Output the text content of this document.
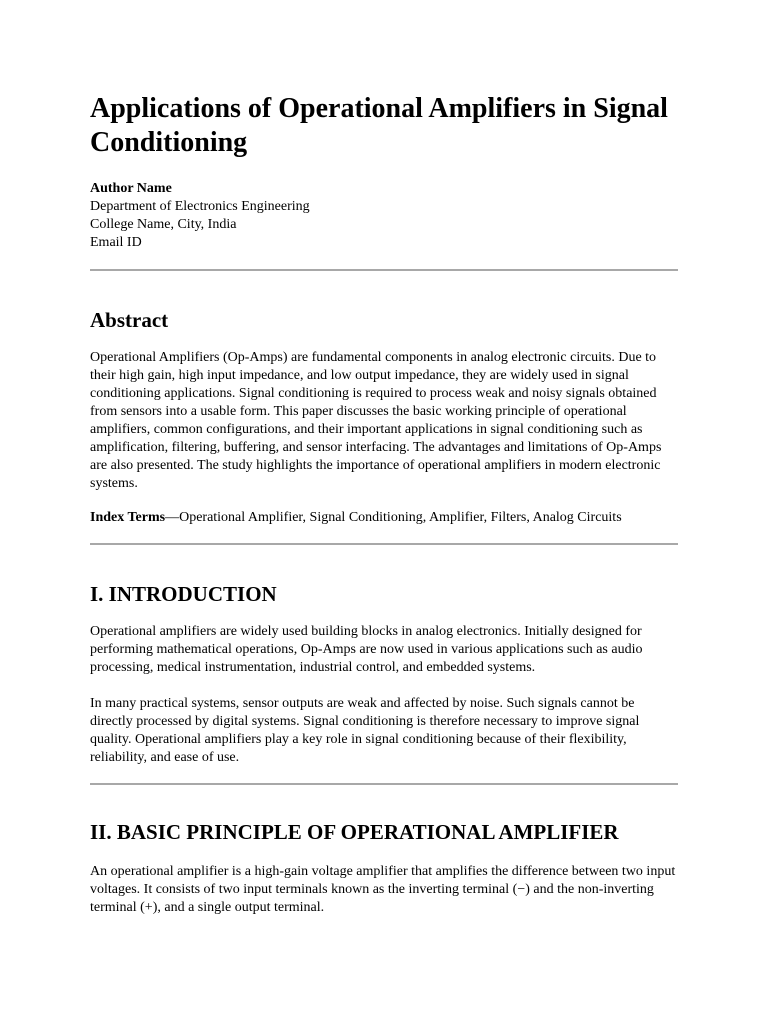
Applications of Operational Amplifiers in Signal Conditioning
Author Name
Department of Electronics Engineering
College Name, City, India
Email ID
Abstract

Operational Amplifiers (Op-Amps) are fundamental components in analog electronic circuits. Due to their high gain, high input impedance, and low output impedance, they are widely used in signal conditioning applications. Signal conditioning is required to process weak and noisy signals obtained from sensors into a usable form. This paper discusses the basic working principle of operational amplifiers, common configurations, and their important applications in signal conditioning such as amplification, filtering, buffering, and sensor interfacing. The advantages and limitations of Op-Amps are also presented. The study highlights the importance of operational amplifiers in modern electronic systems.

Index Terms—Operational Amplifier, Signal Conditioning, Amplifier, Filters, Analog Circuits

I. INTRODUCTION

Operational amplifiers are widely used building blocks in analog electronics. Initially designed for performing mathematical operations, Op-Amps are now used in various applications such as audio processing, medical instrumentation, industrial control, and embedded systems.

In many practical systems, sensor outputs are weak and affected by noise. Such signals cannot be directly processed by digital systems. Signal conditioning is therefore necessary to improve signal quality. Operational amplifiers play a key role in signal conditioning because of their flexibility, reliability, and ease of use.

II. BASIC PRINCIPLE OF OPERATIONAL AMPLIFIER

An operational amplifier is a high-gain voltage amplifier that amplifies the difference between two input voltages. It consists of two input terminals known as the inverting terminal (−) and the non-inverting terminal (+), and a single output terminal.
